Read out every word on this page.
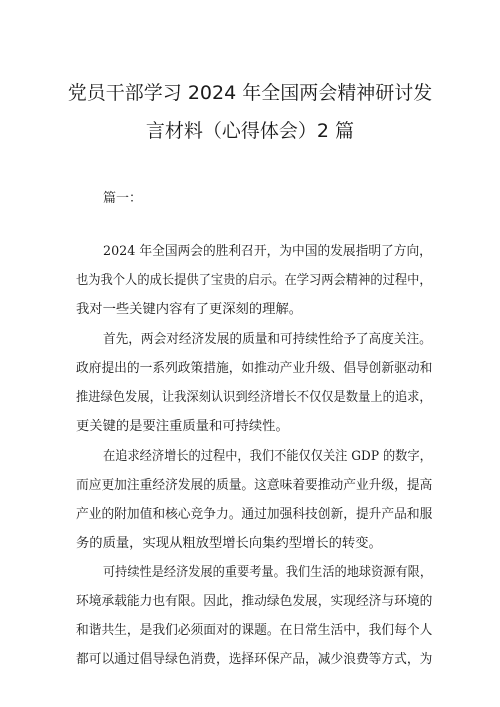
党员干部学习 2024 年全国两会精神研讨发
言材料（心得体会）2 篇
篇一：
2024 年全国两会的胜利召开，为中国的发展指明了方向，
也为我个人的成长提供了宝贵的启示。在学习两会精神的过程中，
我对一些关键内容有了更深刻的理解。
首先，两会对经济发展的质量和可持续性给予了高度关注。
政府提出的一系列政策措施，如推动产业升级、倡导创新驱动和
推进绿色发展，让我深刻认识到经济增长不仅仅是数量上的追求，
更关键的是要注重质量和可持续性。
在追求经济增长的过程中，我们不能仅仅关注 GDP 的数字，
而应更加注重经济发展的质量。这意味着要推动产业升级，提高
产业的附加值和核心竞争力。通过加强科技创新，提升产品和服
务的质量，实现从粗放型增长向集约型增长的转变。
可持续性是经济发展的重要考量。我们生活的地球资源有限，
环境承载能力也有限。因此，推动绿色发展，实现经济与环境的
和谐共生，是我们必须面对的课题。在日常生活中，我们每个人
都可以通过倡导绿色消费，选择环保产品，减少浪费等方式，为
